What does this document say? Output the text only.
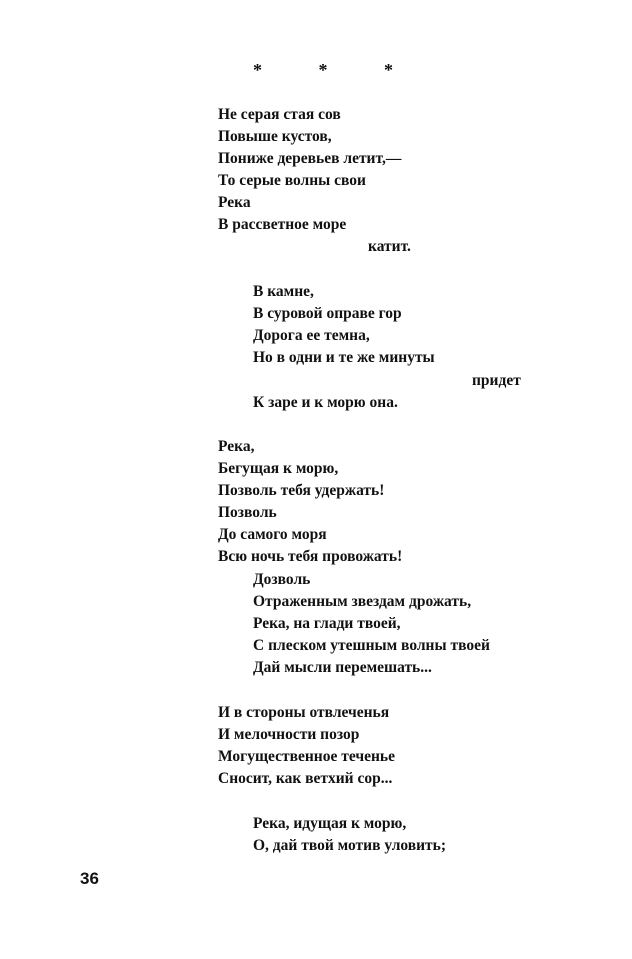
* * *
Не серая стая сов
Повыше кустов,
Пониже деревьев летит,—
То серые волны свои
Река
В рассветное море
катит.
В камне,
В суровой оправе гор
Дорога ее темна,
Но в одни и те же минуты
придет
К заре и к морю она.
Река,
Бегущая к морю,
Позволь тебя удержать!
Позволь
До самого моря
Всю ночь тебя провожать!
Дозволь
Отраженным звездам дрожать,
Река, на глади твоей,
С плеском утешным волны твоей
Дай мысли перемешать...
И в стороны отвлеченья
И мелочности позор
Могущественное теченье
Сносит, как ветхий сор...
Река, идущая к морю,
О, дай твой мотив уловить;
36
